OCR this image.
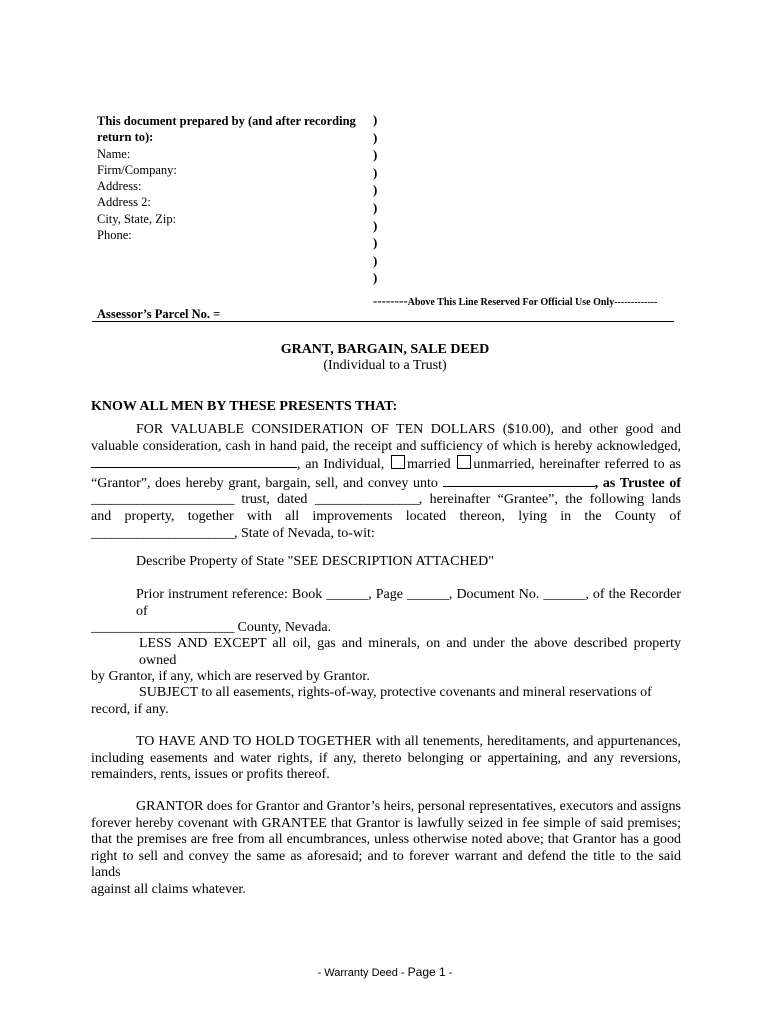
This document prepared by (and after recording
return to):
Name:
Firm/Company:
Address:
Address 2:
City, State, Zip:
Phone:
)
)
)
)
)
)
)
)
)
)
--------Above This Line Reserved For Official Use Only-------------
Assessor’s Parcel No. =
GRANT, BARGAIN, SALE DEED
(Individual to a Trust)
KNOW ALL MEN BY THESE PRESENTS THAT:
FOR VALUABLE CONSIDERATION OF TEN DOLLARS ($10.00), and other good and
valuable consideration, cash in hand paid, the receipt and sufficiency of which is hereby acknowledged,
, an Individual, married unmarried, hereinafter referred to as
“Grantor”, does hereby grant, bargain, sell, and convey unto	, as Trustee of
______________________ trust, dated ________________, hereinafter “Grantee”, the following lands
and property, together with all improvements located thereon, lying in the County of
______________________, State of Nevada, to-wit:
Describe Property of State "SEE DESCRIPTION ATTACHED"
Prior instrument reference: Book ______, Page ______, Document No. ______, of the Recorder of
______________________ County, Nevada.
LESS AND EXCEPT all oil, gas and minerals, on and under the above described property owned
by Grantor, if any, which are reserved by Grantor.
SUBJECT to all easements, rights-of-way, protective covenants and mineral reservations of
record, if any.
TO HAVE AND TO HOLD TOGETHER with all tenements, hereditaments, and appurtenances,
including easements and water rights, if any, thereto belonging or appertaining, and any reversions,
remainders, rents, issues or profits thereof.
GRANTOR does for Grantor and Grantor’s heirs, personal representatives, executors and assigns
forever hereby covenant with GRANTEE that Grantor is lawfully seized in fee simple of said premises;
that the premises are free from all encumbrances, unless otherwise noted above; that Grantor has a good
right to sell and convey the same as aforesaid; and to forever warrant and defend the title to the said lands
against all claims whatever.
- Warranty Deed - Page 1 -
